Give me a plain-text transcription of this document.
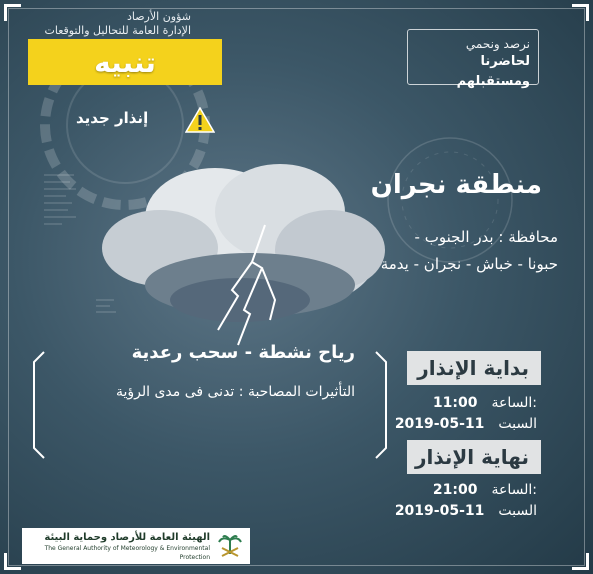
شؤون الأرصاد
الإدارة العامة للتحاليل والتوقعات
تنبيه
إنذار جديد
نرصد ونحمي
لحاضرنا ومستقبلهم
منطقة نجران
محافظة : بدر الجنوب - حبونا - خباش - نجران - يدمة
رياح نشطة - سحب رعدية
التأثيرات المصاحبة : تدنى فى مدى الرؤية
بداية الإنذار
11:00 الساعة:
2019-05-11 السبت
نهاية الإنذار
21:00 الساعة:
2019-05-11 السبت
الهيئة العامة للأرصاد وحماية البيئة
The General Authority of Meteorology & Environmental Protection
